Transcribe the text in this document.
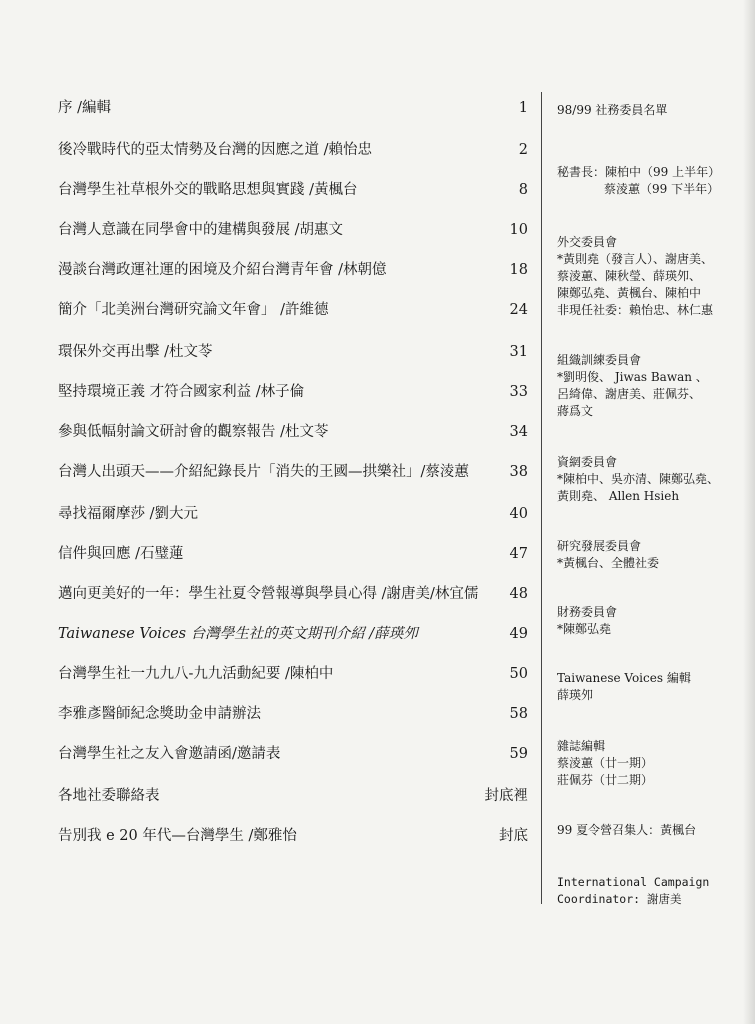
序 /編輯	1
後冷戰時代的亞太情勢及台灣的因應之道 /賴怡忠	2
台灣學生社草根外交的戰略思想與實踐 /黃楓台	8
台灣人意識在同學會中的建構與發展 /胡惠文	10
漫談台灣政運社運的困境及介紹台灣青年會 /林朝億	18
簡介「北美洲台灣研究論文年會」 /許維德	24
環保外交再出擊 /杜文苓	31
堅持環境正義 才符合國家利益 /林子倫	33
參與低幅射論文研討會的觀察報告 /杜文苓	34
台灣人出頭天——介紹紀錄長片「消失的王國—拱樂社」/蔡淩蕙	38
尋找福爾摩莎 /劉大元	40
信件與回應 /石璧蓮	47
邁向更美好的一年：學生社夏令營報導與學員心得 /謝唐美/林宜儒	48
Taiwanese Voices 台灣學生社的英文期刊介紹 /薛瑛夘	49
台灣學生社一九九八-九九活動紀要 /陳柏中	50
李雅彥醫師紀念獎助金申請辦法	58
台灣學生社之友入會邀請函/邀請表	59
各地社委聯絡表	封底裡
告別我 e 20 年代—台灣學生 /鄭雅怡	封底
98/99 社務委員名單
秘書長：陳柏中（99 上半年）
蔡淩蕙（99 下半年）
外交委員會
*黃則堯（發言人）、謝唐美、
蔡淩蕙、陳秋瑩、薛瑛夘、
陳鄭弘堯、黃楓台、陳柏中
非現任社委：賴怡忠、林仁惠
組織訓練委員會
*劉明俊、 Jiwas Bawan 、
呂綺偉、謝唐美、莊佩芬、
蔣爲文
資網委員會
*陳柏中、吳亦清、陳鄭弘堯、
黃則堯、 Allen Hsieh
研究發展委員會
*黃楓台、全體社委
財務委員會
*陳鄭弘堯
Taiwanese Voices 編輯
薛瑛夘
雜誌編輯
蔡淩蕙（廿一期）
莊佩芬（廿二期）
99 夏令營召集人：黃楓台
International Campaign
Coordinator: 謝唐美
